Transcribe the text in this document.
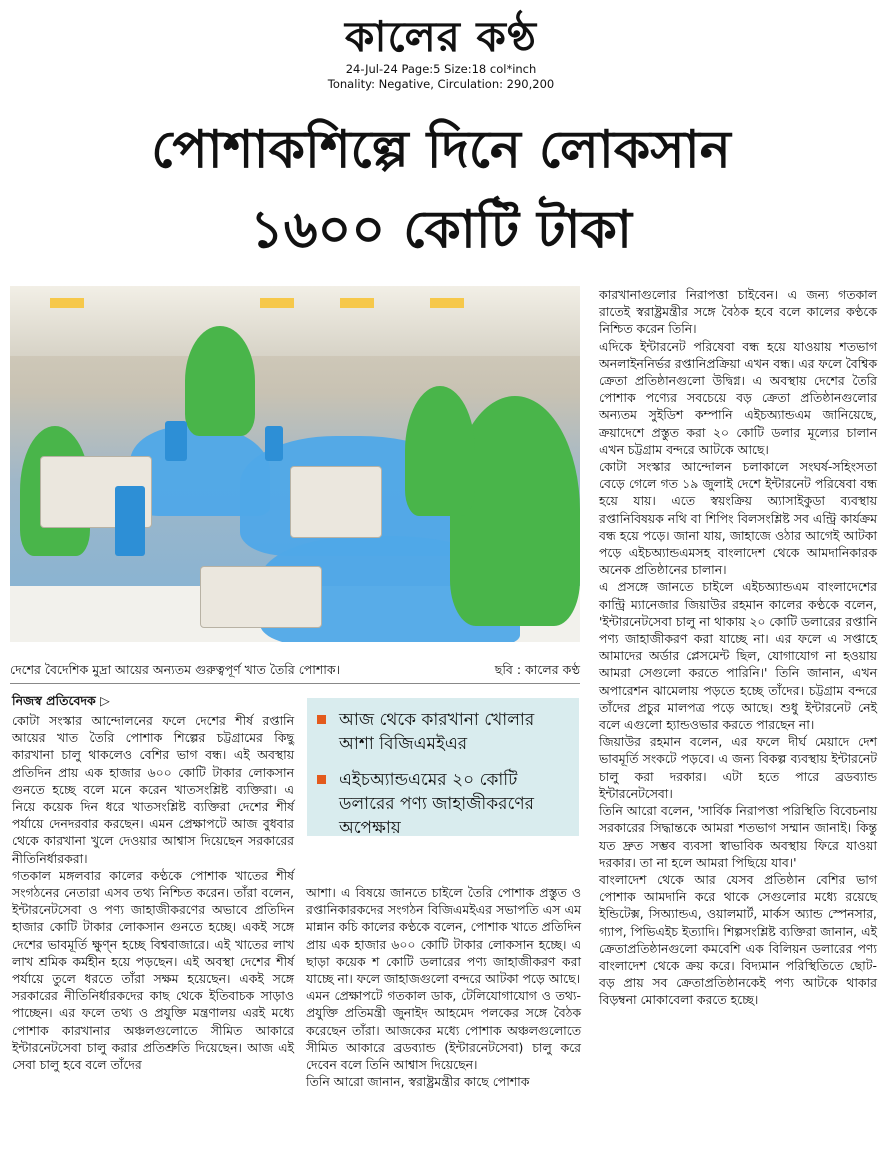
কালের কণ্ঠ
24-Jul-24 Page:5 Size:18 col*inch
Tonality: Negative, Circulation: 290,200
পোশাকশিল্পে দিনে লোকসান
১৬০০ কোটি টাকা
দেশের বৈদেশিক মুদ্রা আয়ের অন্যতম গুরুত্বপূর্ণ খাত তৈরি পোশাক।	ছবি : কালের কণ্ঠ
নিজস্ব প্রতিবেদক ▷

কোটা সংস্কার আন্দোলনের ফলে দেশের শীর্ষ রপ্তানি আয়ের খাত তৈরি পোশাক শিল্পের চট্টগ্রামের কিছু কারখানা চালু থাকলেও বেশির ভাগ বন্ধ। এই অবস্থায় প্রতিদিন প্রায় এক হাজার ৬০০ কোটি টাকার লোকসান গুনতে হচ্ছে বলে মনে করেন খাতসংশ্লিষ্ট ব্যক্তিরা। এ নিয়ে কয়েক দিন ধরে খাতসংশ্লিষ্ট ব্যক্তিরা দেশের শীর্ষ পর্যায়ে দেনদরবার করছেন। এমন প্রেক্ষাপটে আজ বুধবার থেকে কারখানা খুলে দেওয়ার আশ্বাস দিয়েছেন সরকারের নীতিনির্ধারকরা।

গতকাল মঙ্গলবার কালের কণ্ঠকে পোশাক খাতের শীর্ষ সংগঠনের নেতারা এসব তথ্য নিশ্চিত করেন। তাঁরা বলেন, ইন্টারনেটসেবা ও পণ্য জাহাজীকরণের অভাবে প্রতিদিন হাজার কোটি টাকার লোকসান গুনতে হচ্ছে। একই সঙ্গে দেশের ভাবমূর্তি ক্ষুণ্ন হচ্ছে বিশ্ববাজারে। এই খাতের লাখ লাখ শ্রমিক কর্মহীন হয়ে পড়ছেন। এই অবস্থা দেশের শীর্ষ পর্যায়ে তুলে ধরতে তাঁরা সক্ষম হয়েছেন। একই সঙ্গে সরকারের নীতিনির্ধারকদের কাছ থেকে ইতিবাচক সাড়াও পাচ্ছেন। এর ফলে তথ্য ও প্রযুক্তি মন্ত্রণালয় এরই মধ্যে পোশাক কারখানার অঞ্চলগুলোতে সীমিত আকারে ইন্টারনেটসেবা চালু করার প্রতিশ্রুতি দিয়েছেন। আজ এই সেবা চালু হবে বলে তাঁদের

আজ থেকে কারখানা খোলার আশা বিজিএমইএর
এইচঅ্যান্ডএমের ২০ কোটি ডলারের পণ্য জাহাজীকরণের অপেক্ষায়

আশা। এ বিষয়ে জানতে চাইলে তৈরি পোশাক প্রস্তুত ও রপ্তানিকারকদের সংগঠন বিজিএমইএর সভাপতি এস এম মান্নান কচি কালের কণ্ঠকে বলেন, পোশাক খাতে প্রতিদিন প্রায় এক হাজার ৬০০ কোটি টাকার লোকসান হচ্ছে। এ ছাড়া কয়েক শ কোটি ডলারের পণ্য জাহাজীকরণ করা যাচ্ছে না। ফলে জাহাজগুলো বন্দরে আটকা পড়ে আছে।

এমন প্রেক্ষাপটে গতকাল ডাক, টেলিযোগাযোগ ও তথ্য-প্রযুক্তি প্রতিমন্ত্রী জুনাইদ আহমেদ পলকের সঙ্গে বৈঠক করেছেন তাঁরা। আজকের মধ্যে পোশাক অঞ্চলগুলোতে সীমিত আকারে ব্রডব্যান্ড (ইন্টারনেটসেবা) চালু করে দেবেন বলে তিনি আশ্বাস দিয়েছেন।

তিনি আরো জানান, স্বরাষ্ট্রমন্ত্রীর কাছে পোশাক

কারখানাগুলোর নিরাপত্তা চাইবেন। এ জন্য গতকাল রাতেই স্বরাষ্ট্রমন্ত্রীর সঙ্গে বৈঠক হবে বলে কালের কণ্ঠকে নিশ্চিত করেন তিনি।

এদিকে ইন্টারনেট পরিষেবা বন্ধ হয়ে যাওয়ায় শতভাগ অনলাইননির্ভর রপ্তানিপ্রক্রিয়া এখন বন্ধ। এর ফলে বৈশ্বিক ক্রেতা প্রতিষ্ঠানগুলো উদ্বিগ্ন। এ অবস্থায় দেশের তৈরি পোশাক পণ্যের সবচেয়ে বড় ক্রেতা প্রতিষ্ঠানগুলোর অন্যতম সুইডিশ কম্পানি এইচঅ্যান্ডএম জানিয়েছে, ক্রয়াদেশে প্রস্তুত করা ২০ কোটি ডলার মূল্যের চালান এখন চট্টগ্রাম বন্দরে আটকে আছে।

কোটা সংস্কার আন্দোলন চলাকালে সংঘর্ষ-সহিংসতা বেড়ে গেলে গত ১৯ জুলাই দেশে ইন্টারনেট পরিষেবা বন্ধ হয়ে যায়। এতে স্বয়ংক্রিয় অ্যাসাইকুডা ব্যবস্থায় রপ্তানিবিষয়ক নথি বা শিপিং বিলসংশ্লিষ্ট সব এন্ট্রি কার্যক্রম বন্ধ হয়ে পড়ে। জানা যায়, জাহাজে ওঠার আগেই আটকা পড়ে এইচঅ্যান্ডএমসহ বাংলাদেশ থেকে আমদানিকারক অনেক প্রতিষ্ঠানের চালান।

এ প্রসঙ্গে জানতে চাইলে এইচঅ্যান্ডএম বাংলাদেশের কান্ট্রি ম্যানেজার জিয়াউর রহমান কালের কণ্ঠকে বলেন, 'ইন্টারনেটসেবা চালু না থাকায় ২০ কোটি ডলারের রপ্তানি পণ্য জাহাজীকরণ করা যাচ্ছে না। এর ফলে এ সপ্তাহে আমাদের অর্ডার প্লেসমেন্ট ছিল, যোগাযোগ না হওয়ায় আমরা সেগুলো করতে পারিনি।' তিনি জানান, এখন অপারেশন ঝামেলায় পড়তে হচ্ছে তাঁদের। চট্টগ্রাম বন্দরে তাঁদের প্রচুর মালপত্র পড়ে আছে। শুধু ইন্টারনেট নেই বলে এগুলো হ্যান্ডওভার করতে পারছেন না।

জিয়াউর রহমান বলেন, এর ফলে দীর্ঘ মেয়াদে দেশ ভাবমূর্তি সংকটে পড়বে। এ জন্য বিকল্প ব্যবস্থায় ইন্টারনেট চালু করা দরকার। এটা হতে পারে ব্রডব্যান্ড ইন্টারনেটসেবা।

তিনি আরো বলেন, 'সার্বিক নিরাপত্তা পরিস্থিতি বিবেচনায় সরকারের সিদ্ধান্তকে আমরা শতভাগ সম্মান জানাই। কিন্তু যত দ্রুত সম্ভব ব্যবসা স্বাভাবিক অবস্থায় ফিরে যাওয়া দরকার। তা না হলে আমরা পিছিয়ে যাব।'

বাংলাদেশ থেকে আর যেসব প্রতিষ্ঠান বেশির ভাগ পোশাক আমদানি করে থাকে সেগুলোর মধ্যে রয়েছে ইন্ডিটেক্স, সিঅ্যান্ডএ, ওয়ালমার্ট, মার্কস অ্যান্ড স্পেনসার, গ্যাপ, পিভিএইচ ইত্যাদি। শিল্পসংশ্লিষ্ট ব্যক্তিরা জানান, এই ক্রেতাপ্রতিষ্ঠানগুলো কমবেশি এক বিলিয়ন ডলারের পণ্য বাংলাদেশ থেকে ক্রয় করে। বিদ্যমান পরিস্থিতিতে ছোট-বড় প্রায় সব ক্রেতাপ্রতিষ্ঠানকেই পণ্য আটকে থাকার বিড়ম্বনা মোকাবেলা করতে হচ্ছে।
